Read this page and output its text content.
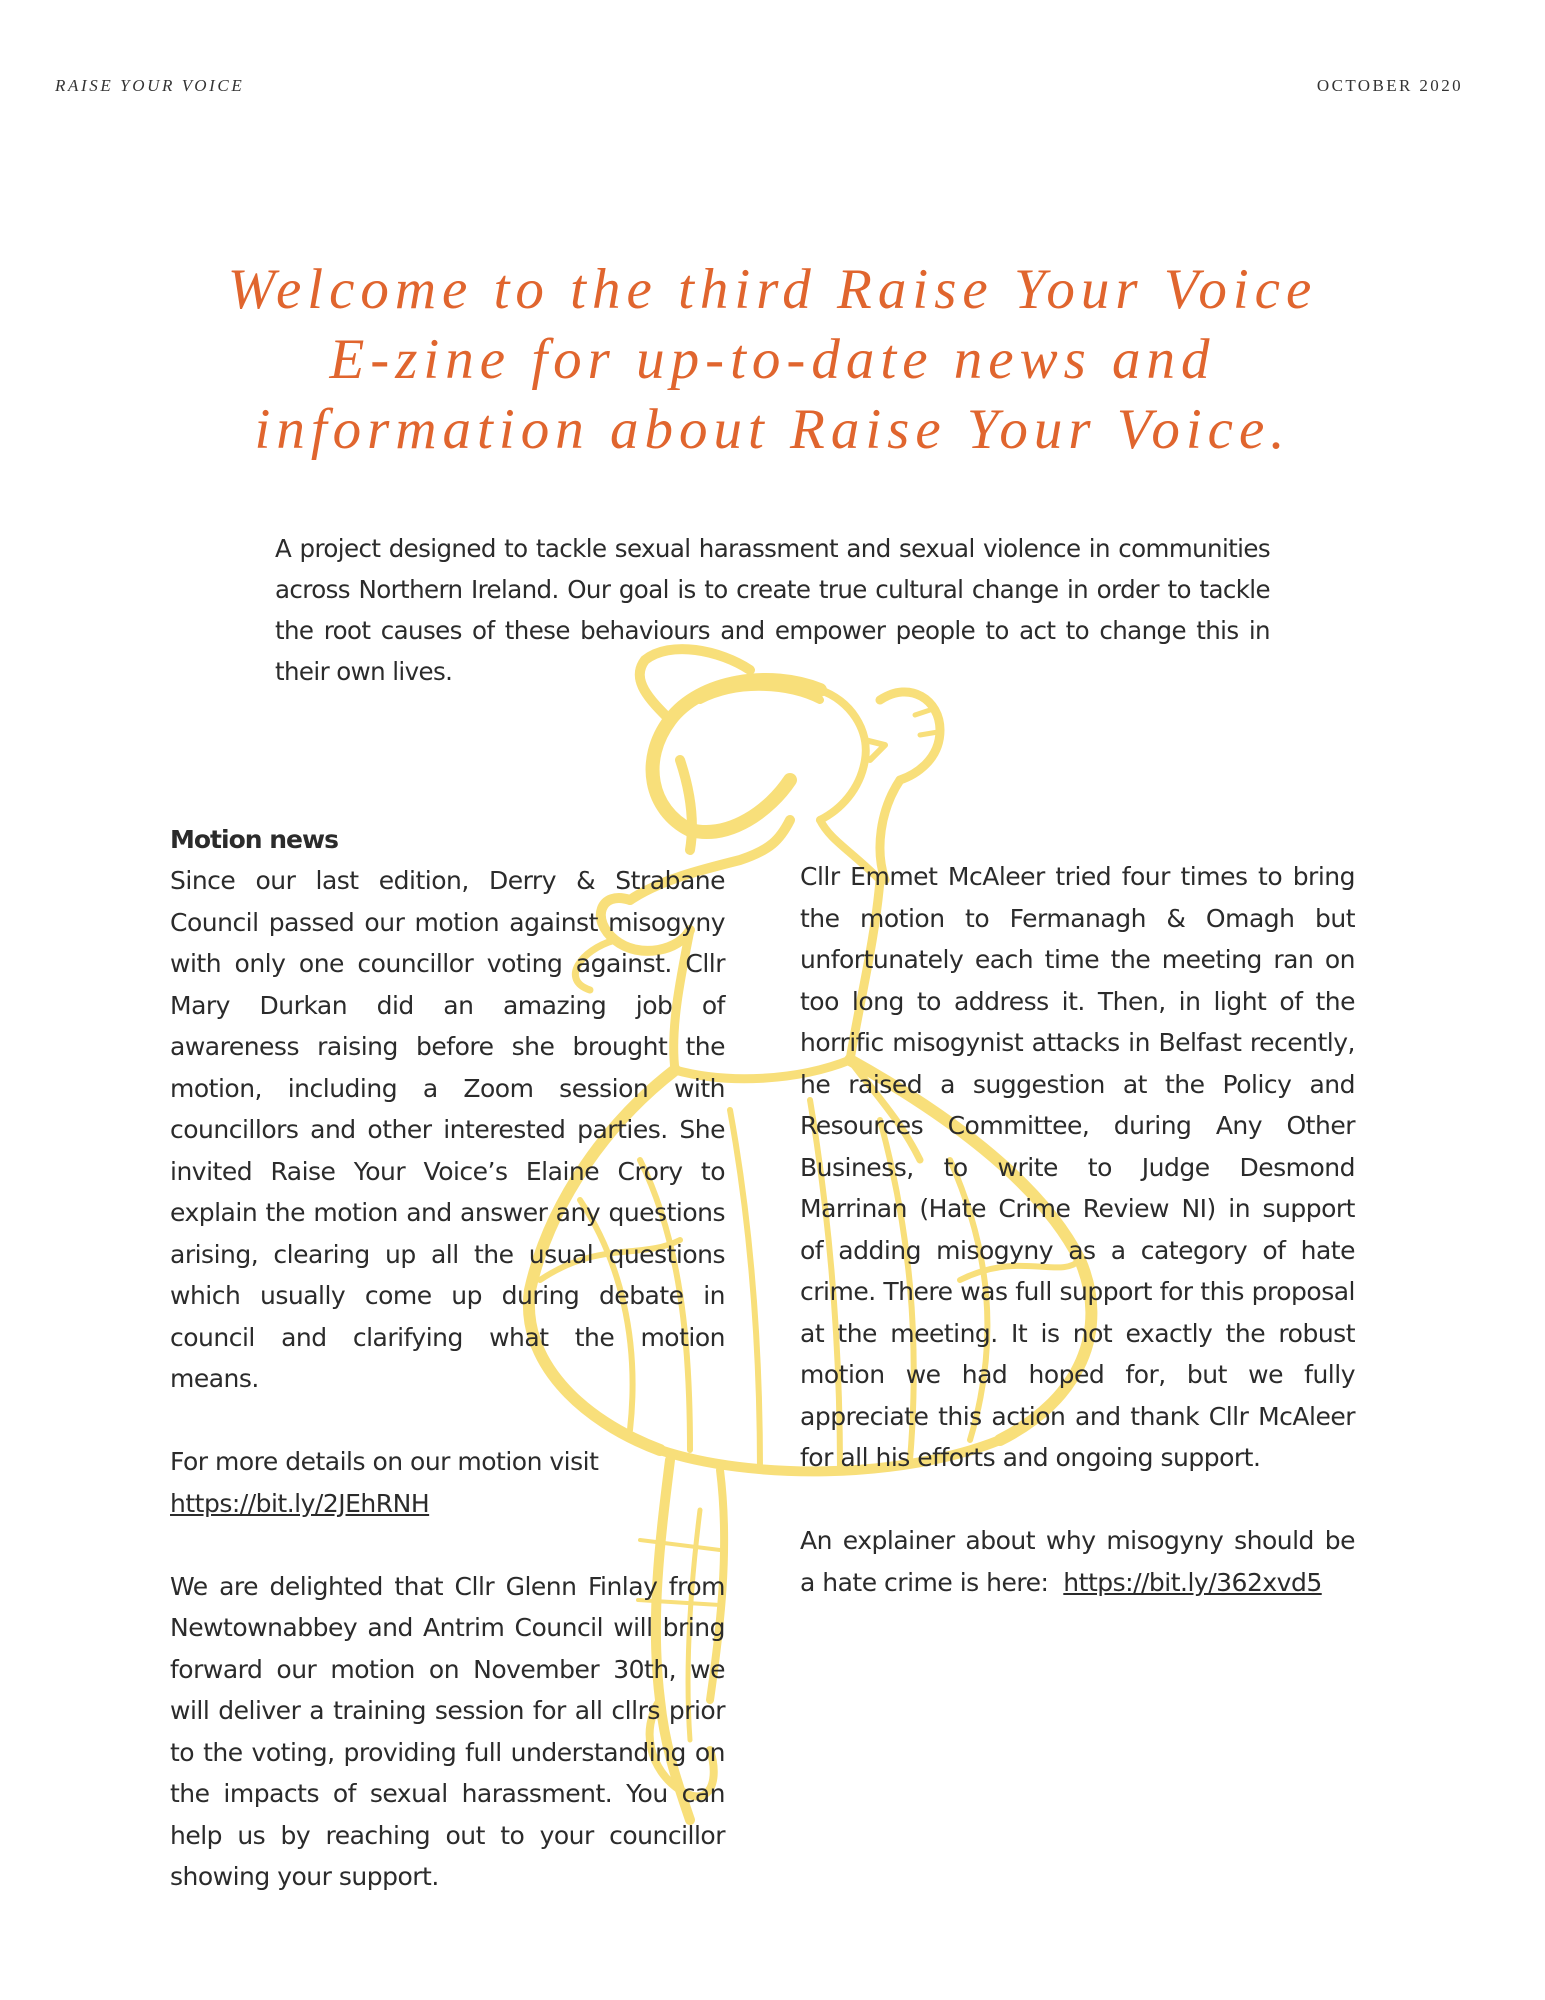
RAISE YOUR VOICE	OCTOBER 2020
Welcome to the third Raise Your Voice
E-zine for up-to-date news and
information about Raise Your Voice.

A project designed to tackle sexual harassment and sexual violence in communities across Northern Ireland. Our goal is to create true cultural change in order to tackle the root causes of these behaviours and empower people to act to change this in their own lives.

Motion news

Since our last edition, Derry & Strabane Council passed our motion against misogyny with only one councillor voting against. Cllr Mary Durkan did an amazing job of awareness raising before she brought the motion, including a Zoom session with councillors and other interested parties. She invited Raise Your Voice’s Elaine Crory to explain the motion and answer any questions arising, clearing up all the usual questions which usually come up during debate in council and clarifying what the motion means.

For more details on our motion visit

https://bit.ly/2JEhRNH

We are delighted that Cllr Glenn Finlay from Newtownabbey and Antrim Council will bring forward our motion on November 30th, we will deliver a training session for all cllrs prior to the voting, providing full understanding on the impacts of sexual harassment. You can help us by reaching out to your councillor showing your support.

Cllr Emmet McAleer tried four times to bring the motion to Fermanagh & Omagh but unfortunately each time the meeting ran on too long to address it. Then, in light of the horrific misogynist attacks in Belfast recently, he raised a suggestion at the Policy and Resources Committee, during Any Other Business, to write to Judge Desmond Marrinan (Hate Crime Review NI) in support of adding misogyny as a category of hate crime. There was full support for this proposal at the meeting. It is not exactly the robust motion we had hoped for, but we fully appreciate this action and thank Cllr McAleer for all his efforts and ongoing support.

An explainer about why misogyny should be a hate crime is here: https://bit.ly/362xvd5
